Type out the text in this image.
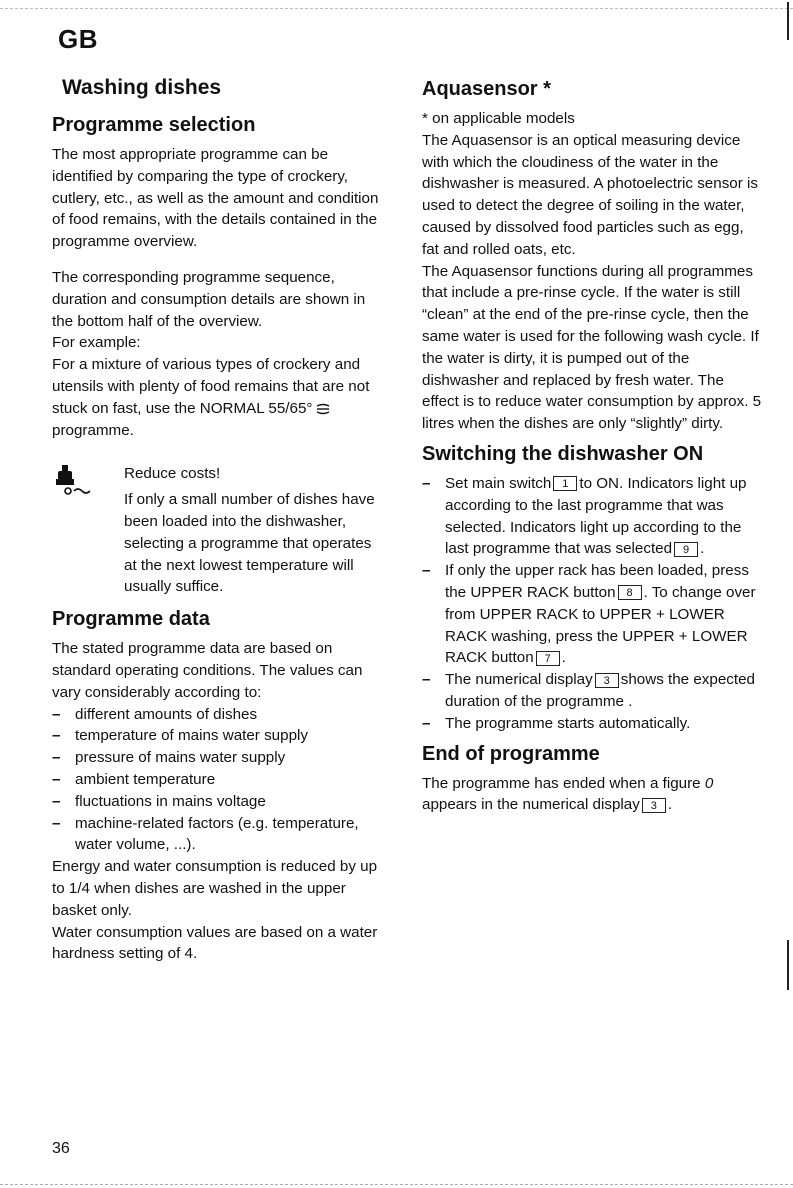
GB
Washing dishes
Programme selection

The most appropriate programme can be identified by comparing the type of crockery, cutlery, etc., as well as the amount and condition of food remains, with the details contained in the programme overview.

The corresponding programme sequence, duration and consumption details are shown in the bottom half of the overview.

For example:

For a mixture of various types of crockery and utensils with plenty of food remains that are not stuck on fast, use the NORMAL 55/65°programme.

Reduce costs!
If only a small number of dishes have been loaded into the dishwasher, selecting a programme that operates at the next lowest temperature will usually suffice.
Programme data

The stated programme data are based on standard operating conditions. The values can vary considerably according to:

– different amounts of dishes
– temperature of mains water supply
– pressure of mains water supply
– ambient temperature
– fluctuations in mains voltage
– machine-related factors (e.g. temperature, water volume, ...).

Energy and water consumption is reduced by up to 1/4 when dishes are washed in the upper basket only.

Water consumption values are based on a water hardness setting of 4.

Aquasensor *

* on applicable models

The Aquasensor is an optical measuring device with which the cloudiness of the water in the dishwasher is measured. A photoelectric sensor is used to detect the degree of soiling in the water, caused by dissolved food particles such as egg, fat and rolled oats, etc.

The Aquasensor functions during all programmes that include a pre-rinse cycle. If the water is still “clean” at the end of the pre-rinse cycle, then the same water is used for the following wash cycle. If the water is dirty, it is pumped out of the dishwasher and replaced by fresh water. The effect is to reduce water consumption by approx. 5 litres when the dishes are only “slightly” dirty.

Switching the dishwasher ON
– Set main switch 1 to ON. Indicators light up according to the last programme that was selected. Indicators light up according to the last programme that was selected 9 .
– If only the upper rack has been loaded, press the UPPER RACK button 8 . To change over from UPPER RACK to UPPER + LOWER RACK washing, press the UPPER + LOWER RACK button 7 .
– The numerical display 3 shows the expected duration of the programme .
– The programme starts automatically.
End of programme

The programme has ended when a figure 0 appears in the numerical display 3 .

36
